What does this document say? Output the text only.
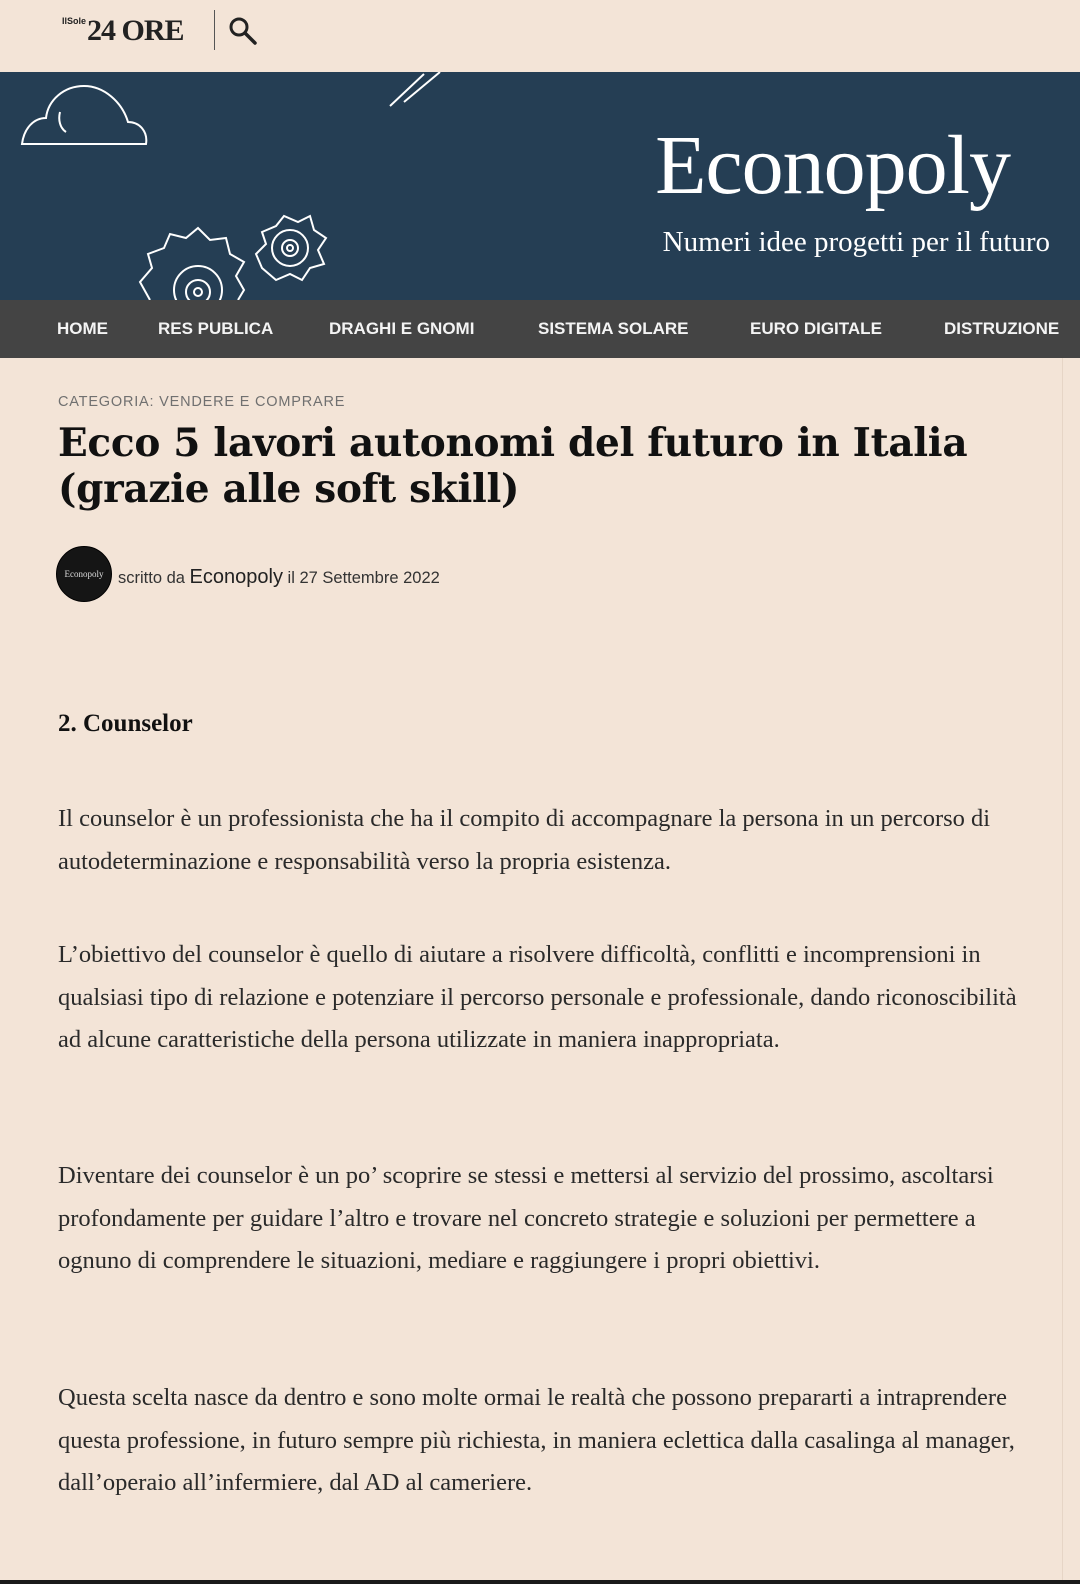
IlSole 24 ORE
Econopoly
Numeri idee progetti per il futuro
HOME	RES PUBLICA	DRAGHI E GNOMI	SISTEMA SOLARE	EURO DIGITALE	DISTRUZIONE
CATEGORIA: VENDERE E COMPRARE
Ecco 5 lavori autonomi del futuro in Italia (grazie alle soft skill)
Econopoly scritto da Econopoly il 27 Settembre 2022
2. Counselor

Il counselor è un professionista che ha il compito di accompagnare la persona in un percorso di autodeterminazione e responsabilità verso la propria esistenza.

L’obiettivo del counselor è quello di aiutare a risolvere difficoltà, conflitti e incomprensioni in qualsiasi tipo di relazione e potenziare il percorso personale e professionale, dando riconoscibilità ad alcune caratteristiche della persona utilizzate in maniera inappropriata.

Diventare dei counselor è un po’ scoprire se stessi e mettersi al servizio del prossimo, ascoltarsi profondamente per guidare l’altro e trovare nel concreto strategie e soluzioni per permettere a ognuno di comprendere le situazioni, mediare e raggiungere i propri obiettivi.

Questa scelta nasce da dentro e sono molte ormai le realtà che possono prepararti a intraprendere questa professione, in futuro sempre più richiesta, in maniera eclettica dalla casalinga al manager, dall’operaio all’infermiere, dal AD al cameriere.
